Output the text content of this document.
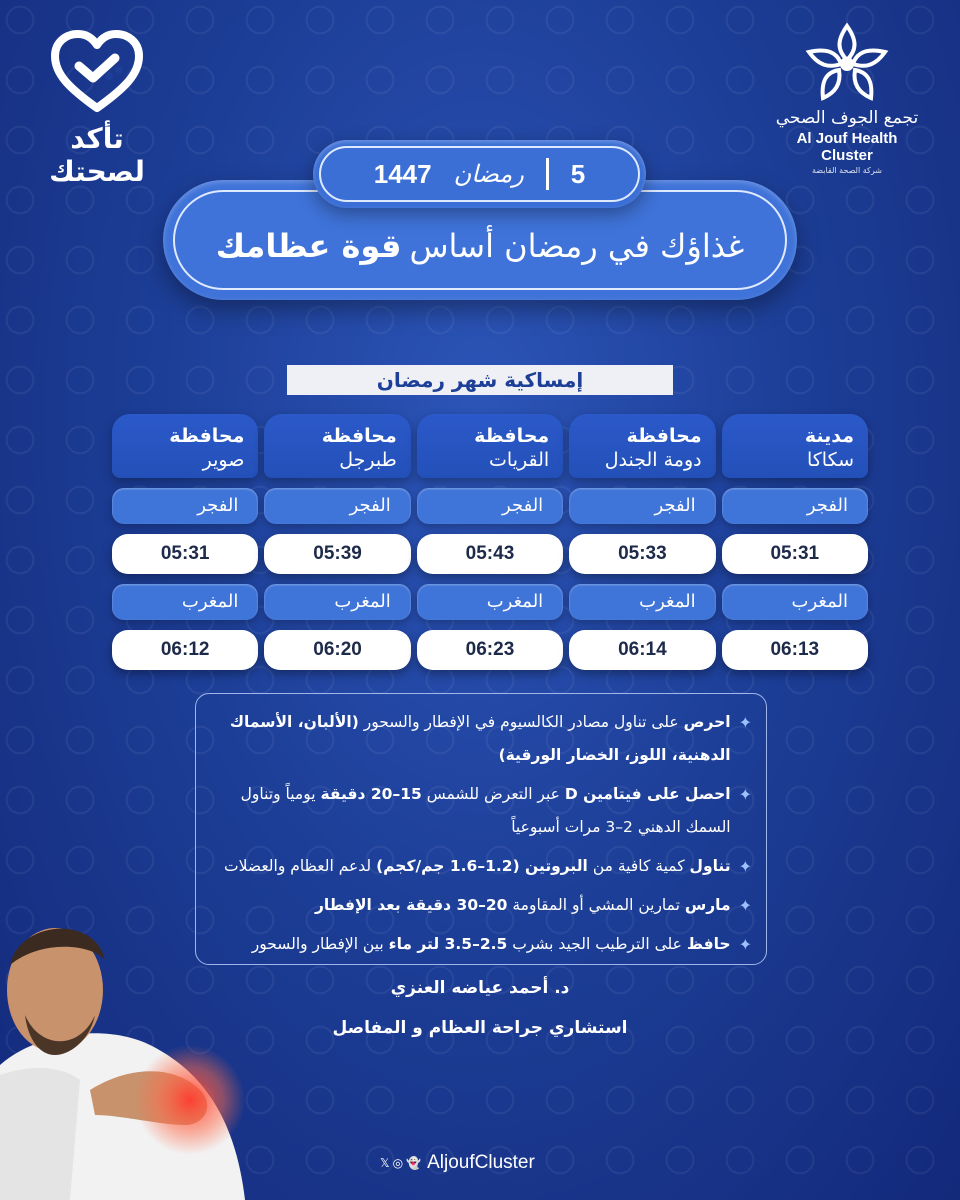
تأكد لصحتك
تجمع الجوف الصحي
Al Jouf Health Cluster
شركة الصحة القابضة
غذاؤك في رمضان أساس
قوة عظامك
5
رمضان
1447
إمساكية شهر رمضان
مدينة
سكاكا
محافظة
دومة الجندل
محافظة
القريات
محافظة
طبرجل
محافظة
صوير
الفجر
الفجر
الفجر
الفجر
الفجر
05:31
05:33
05:43
05:39
05:31
المغرب
المغرب
المغرب
المغرب
المغرب
06:13
06:14
06:23
06:20
06:12
✦
احرص على تناول مصادر الكالسيوم في الإفطار والسحور (الألبان، الأسماك الدهنية، اللوز، الخضار الورقية)
✦
احصل على فيتامين D عبر التعرض للشمس 15–20 دقيقة يومياً وتناول السمك الدهني 2–3 مرات أسبوعياً
✦
تناول كمية كافية من البروتين (1.2–1.6 جم/كجم) لدعم العظام والعضلات
✦
مارس تمارين المشي أو المقاومة 20–30 دقيقة بعد الإفطار
✦
حافظ على الترطيب الجيد بشرب 2.5–3.5 لتر ماء بين الإفطار والسحور
د. أحمد عياضه العنزي
استشاري جراحة العظام و المفاصل
𝕏 ◎ 👻 AljoufCluster
